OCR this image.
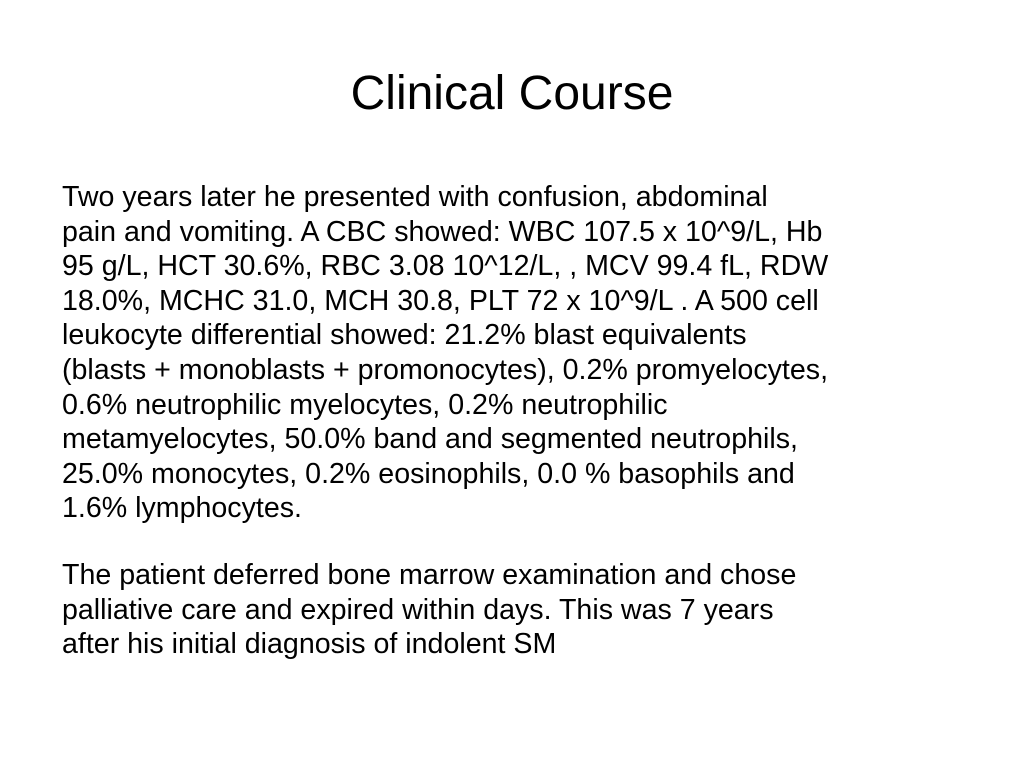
Clinical Course

Two years later he presented with confusion, abdominal
pain and vomiting. A CBC showed: WBC 107.5 x 10^9/L, Hb
95 g/L, HCT 30.6%, RBC 3.08 10^12/L, , MCV 99.4 fL, RDW
18.0%, MCHC 31.0, MCH 30.8, PLT 72 x 10^9/L . A 500 cell
leukocyte differential showed: 21.2% blast equivalents
(blasts + monoblasts + promonocytes), 0.2% promyelocytes,
0.6% neutrophilic myelocytes, 0.2% neutrophilic
metamyelocytes, 50.0% band and segmented neutrophils,
25.0% monocytes, 0.2% eosinophils, 0.0 % basophils and
1.6% lymphocytes.

The patient deferred bone marrow examination and chose
palliative care and expired within days. This was 7 years
after his initial diagnosis of indolent SM
